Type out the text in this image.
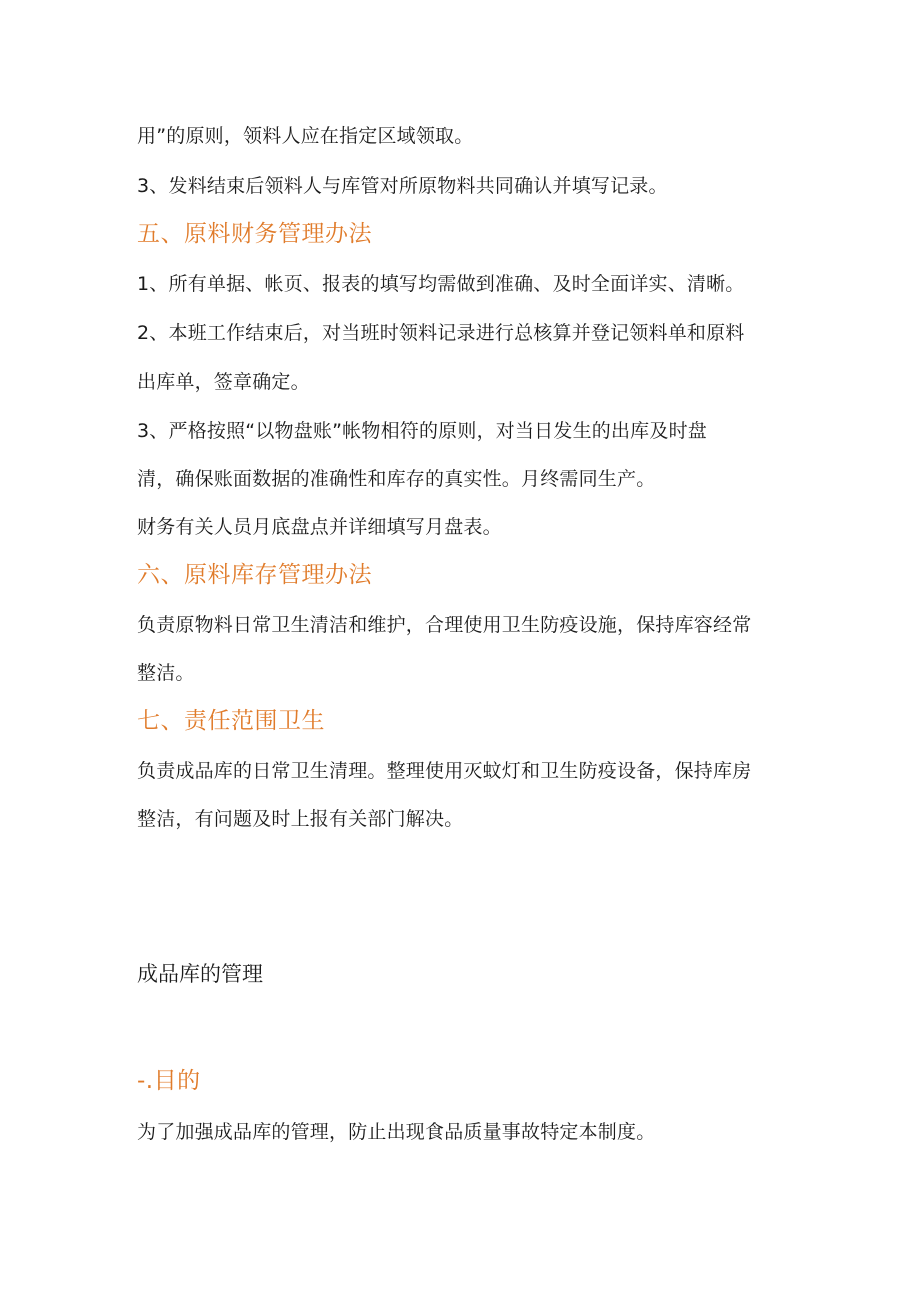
用”的原则，领料人应在指定区域领取。
3、发料结束后领料人与库管对所原物料共同确认并填写记录。
五、原料财务管理办法
1、所有单据、帐页、报表的填写均需做到准确、及时全面详实、清晰。
2、本班工作结束后，对当班时领料记录进行总核算并登记领料单和原料
出库单，签章确定。
3、严格按照“以物盘账”帐物相符的原则，对当日发生的出库及时盘
清，确保账面数据的准确性和库存的真实性。月终需同生产。
财务有关人员月底盘点并详细填写月盘表。
六、原料库存管理办法
负责原物料日常卫生清洁和维护，合理使用卫生防疫设施，保持库容经常
整洁。
七、责任范围卫生
负责成品库的日常卫生清理。整理使用灭蚊灯和卫生防疫设备，保持库房
整洁，有问题及时上报有关部门解决。
成品库的管理
-.目的
为了加强成品库的管理，防止出现食品质量事故特定本制度。
